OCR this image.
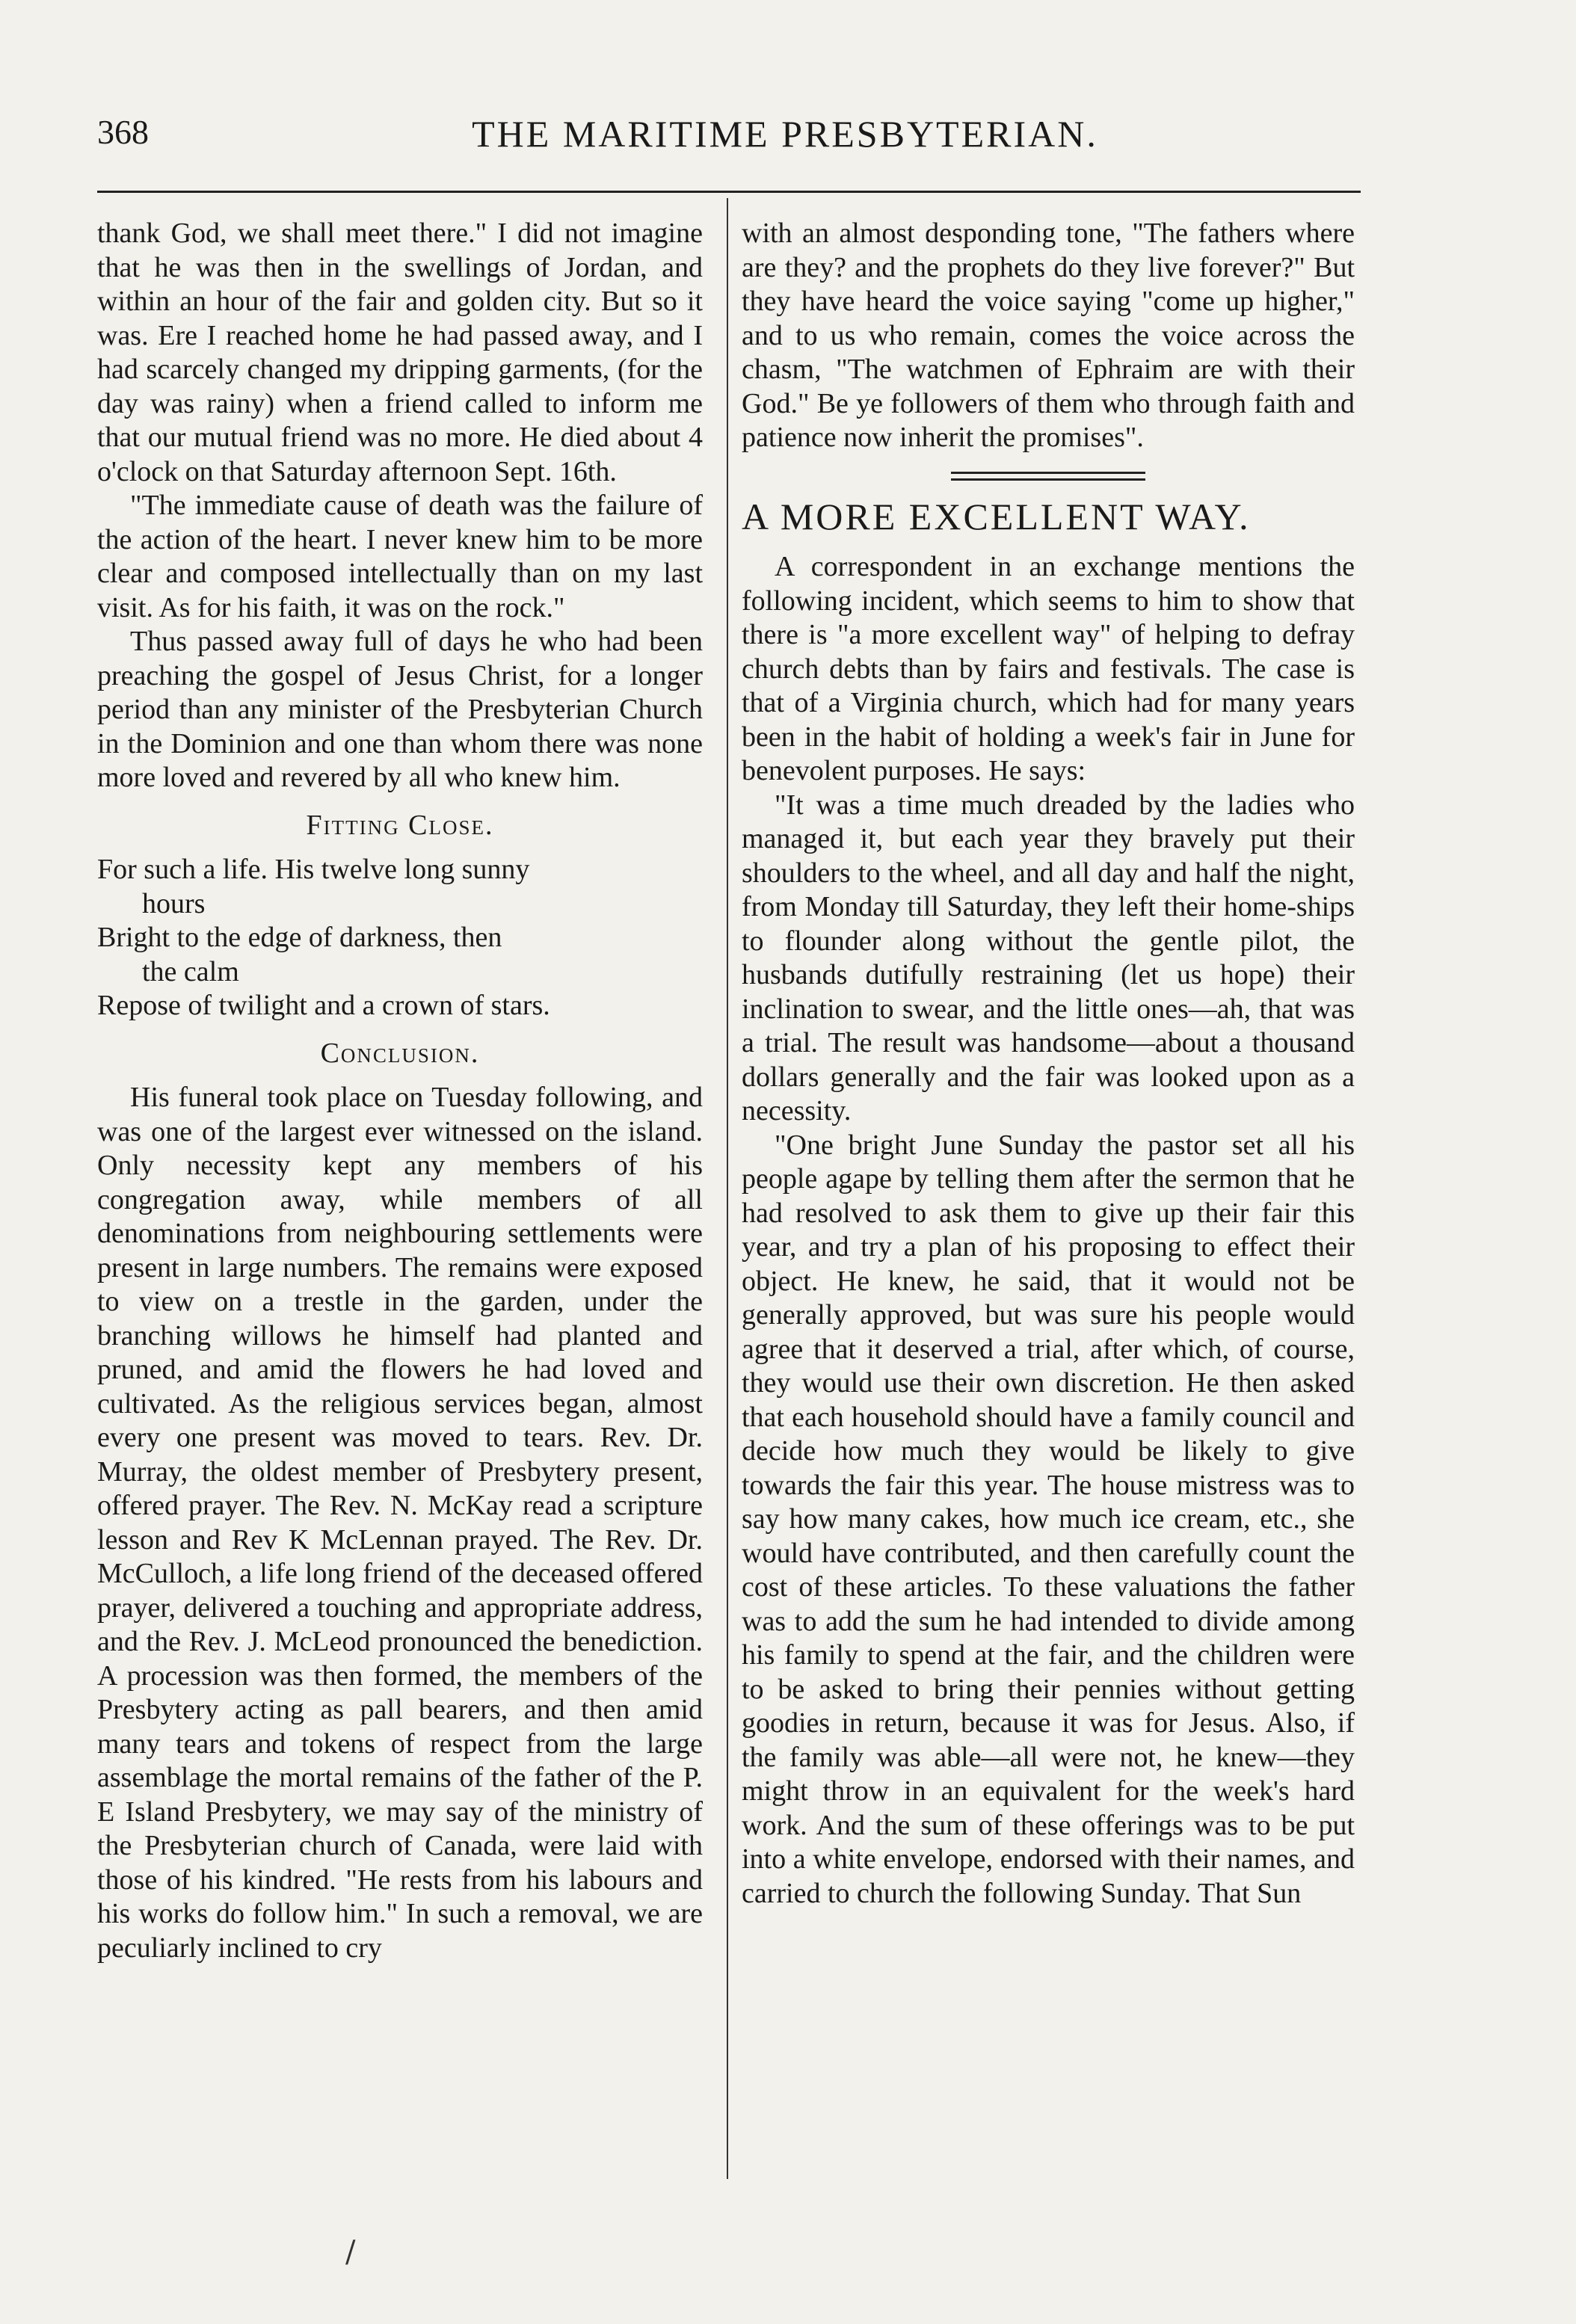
368	THE MARITIME PRESBYTERIAN.

thank God, we shall meet there." I did not imagine that he was then in the swellings of Jordan, and within an hour of the fair and golden city. But so it was. Ere I reached home he had passed away, and I had scarcely changed my dripping garments, (for the day was rainy) when a friend called to inform me that our mutual friend was no more. He died about 4 o'clock on that Saturday afternoon Sept. 16th.

"The immediate cause of death was the failure of the action of the heart. I never knew him to be more clear and composed intellectually than on my last visit. As for his faith, it was on the rock."

Thus passed away full of days he who had been preaching the gospel of Jesus Christ, for a longer period than any minister of the Presbyterian Church in the Dominion and one than whom there was none more loved and revered by all who knew him.

Fitting Close.
For such a life. His twelve long sunny
hours
Bright to the edge of darkness, then
the calm
Repose of twilight and a crown of stars.
Conclusion.

His funeral took place on Tuesday following, and was one of the largest ever witnessed on the island. Only necessity kept any members of his congregation away, while members of all denominations from neighbouring settlements were present in large numbers. The remains were exposed to view on a trestle in the garden, under the branching willows he himself had planted and pruned, and amid the flowers he had loved and cultivated. As the religious services began, almost every one present was moved to tears. Rev. Dr. Murray, the oldest member of Presbytery present, offered prayer. The Rev. N. McKay read a scripture lesson and Rev K McLennan prayed. The Rev. Dr. McCulloch, a life long friend of the deceased offered prayer, delivered a touching and appropriate address, and the Rev. J. McLeod pronounced the benediction. A procession was then formed, the members of the Presbytery acting as pall bearers, and then amid many tears and tokens of respect from the large assemblage the mortal remains of the father of the P. E Island Presbytery, we may say of the ministry of the Presbyterian church of Canada, were laid with those of his kindred. "He rests from his labours and his works do follow him." In such a removal, we are peculiarly inclined to cry

with an almost desponding tone, "The fathers where are they? and the prophets do they live forever?" But they have heard the voice saying "come up higher," and to us who remain, comes the voice across the chasm, "The watchmen of Ephraim are with their God." Be ye followers of them who through faith and patience now inherit the promises".

A MORE EXCELLENT WAY.

A correspondent in an exchange mentions the following incident, which seems to him to show that there is "a more excellent way" of helping to defray church debts than by fairs and festivals. The case is that of a Virginia church, which had for many years been in the habit of holding a week's fair in June for benevolent purposes. He says:

"It was a time much dreaded by the ladies who managed it, but each year they bravely put their shoulders to the wheel, and all day and half the night, from Monday till Saturday, they left their home-ships to flounder along without the gentle pilot, the husbands dutifully restraining (let us hope) their inclination to swear, and the little ones—ah, that was a trial. The result was handsome—about a thousand dollars generally and the fair was looked upon as a necessity.

"One bright June Sunday the pastor set all his people agape by telling them after the sermon that he had resolved to ask them to give up their fair this year, and try a plan of his proposing to effect their object. He knew, he said, that it would not be generally approved, but was sure his people would agree that it deserved a trial, after which, of course, they would use their own discretion. He then asked that each household should have a family council and decide how much they would be likely to give towards the fair this year. The house mistress was to say how many cakes, how much ice cream, etc., she would have contributed, and then carefully count the cost of these articles. To these valuations the father was to add the sum he had intended to divide among his family to spend at the fair, and the children were to be asked to bring their pennies without getting goodies in return, because it was for Jesus. Also, if the family was able—all were not, he knew—they might throw in an equivalent for the week's hard work. And the sum of these offerings was to be put into a white envelope, endorsed with their names, and carried to church the following Sunday. That Sun

/
